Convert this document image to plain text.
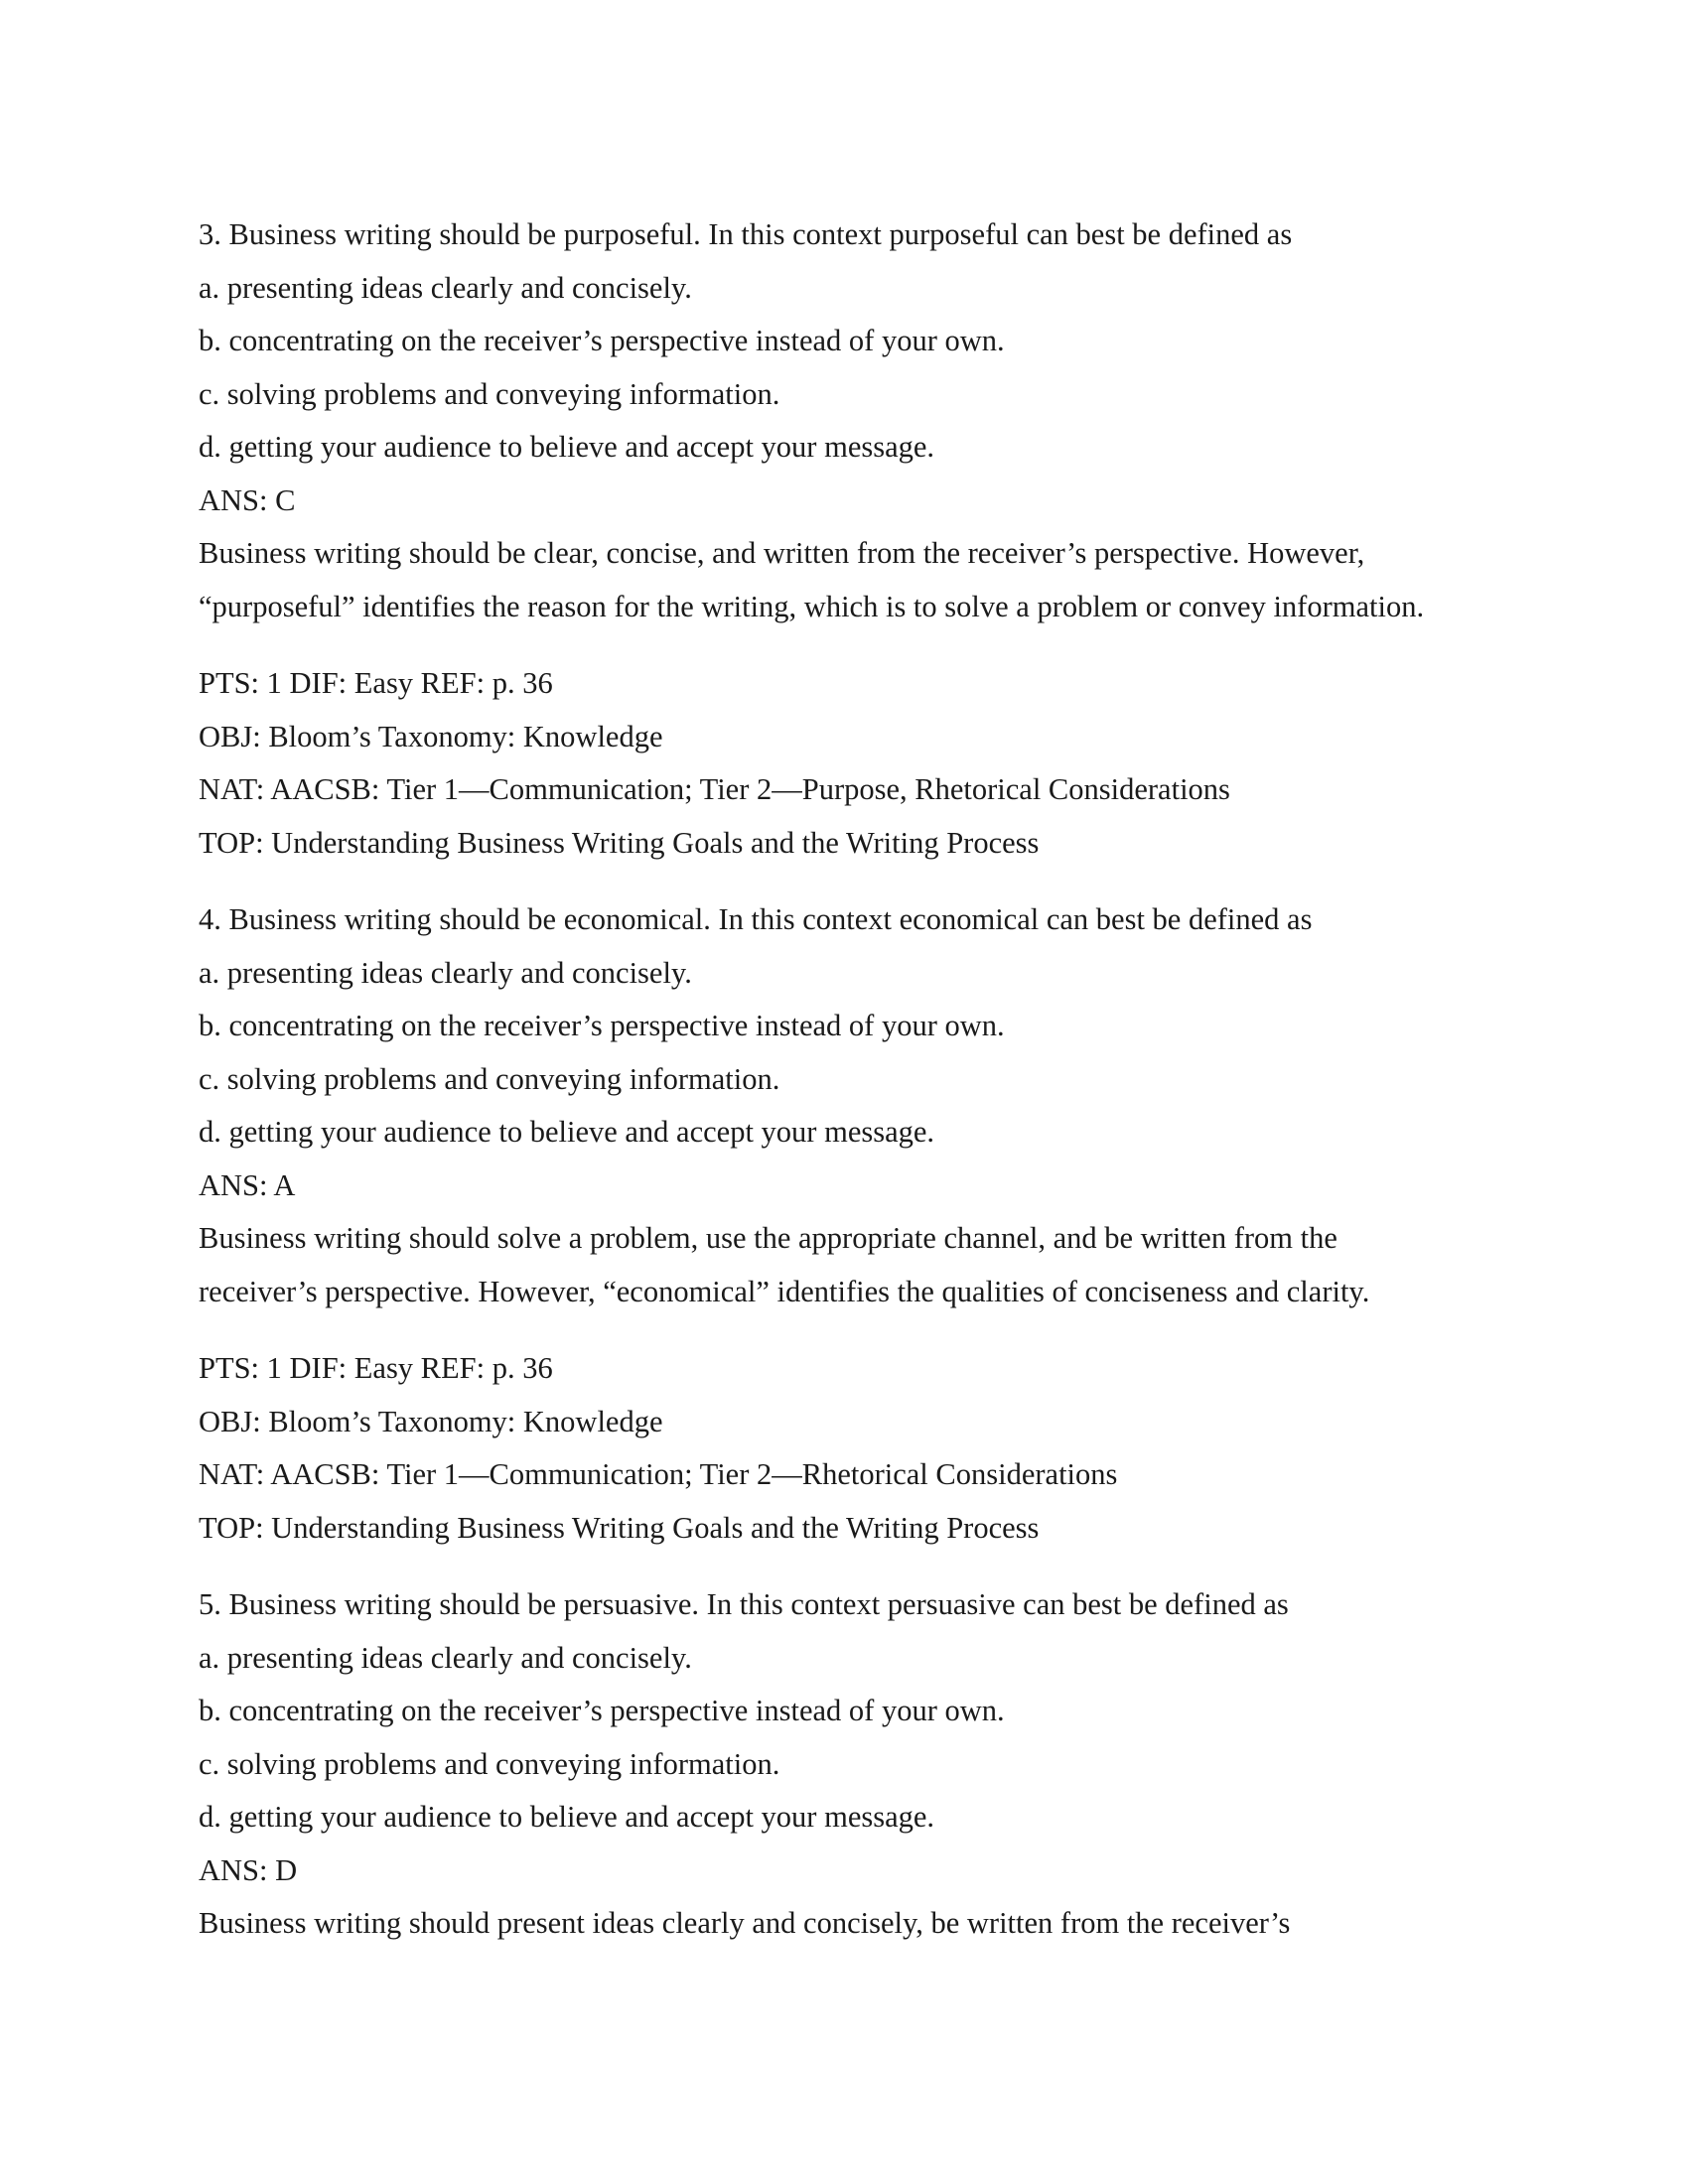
3. Business writing should be purposeful. In this context purposeful can best be defined as
a. presenting ideas clearly and concisely.
b. concentrating on the receiver’s perspective instead of your own.
c. solving problems and conveying information.
d. getting your audience to believe and accept your message.
ANS: C
Business writing should be clear, concise, and written from the receiver’s perspective. However,
“purposeful” identifies the reason for the writing, which is to solve a problem or convey information.
PTS: 1 DIF: Easy REF: p. 36
OBJ: Bloom’s Taxonomy: Knowledge
NAT: AACSB: Tier 1—Communication; Tier 2—Purpose, Rhetorical Considerations
TOP: Understanding Business Writing Goals and the Writing Process
4. Business writing should be economical. In this context economical can best be defined as
a. presenting ideas clearly and concisely.
b. concentrating on the receiver’s perspective instead of your own.
c. solving problems and conveying information.
d. getting your audience to believe and accept your message.
ANS: A
Business writing should solve a problem, use the appropriate channel, and be written from the
receiver’s perspective. However, “economical” identifies the qualities of conciseness and clarity.
PTS: 1 DIF: Easy REF: p. 36
OBJ: Bloom’s Taxonomy: Knowledge
NAT: AACSB: Tier 1—Communication; Tier 2—Rhetorical Considerations
TOP: Understanding Business Writing Goals and the Writing Process
5. Business writing should be persuasive. In this context persuasive can best be defined as
a. presenting ideas clearly and concisely.
b. concentrating on the receiver’s perspective instead of your own.
c. solving problems and conveying information.
d. getting your audience to believe and accept your message.
ANS: D
Business writing should present ideas clearly and concisely, be written from the receiver’s
